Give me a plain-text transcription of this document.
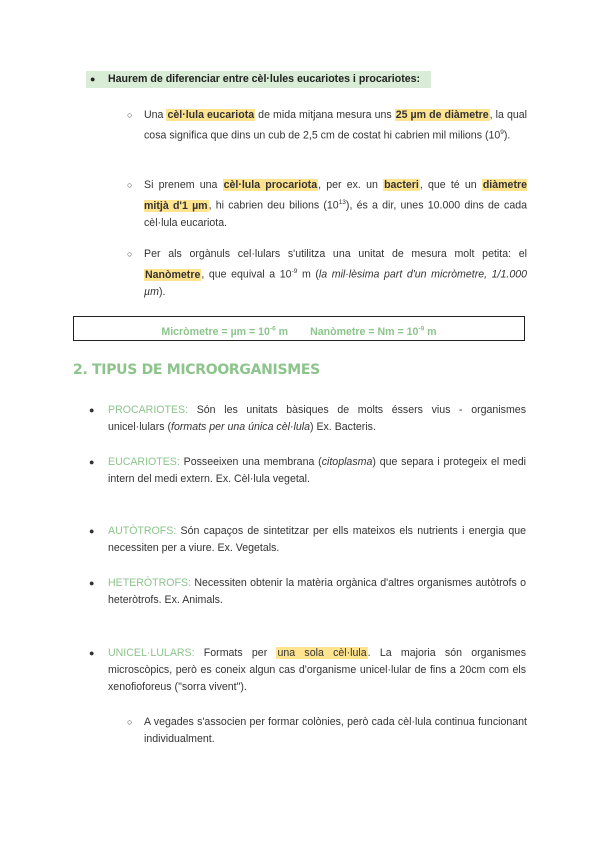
● Haurem de diferenciar entre cèl·lules eucariotes i procariotes:
○ Una cèl·lula eucariota de mida mitjana mesura uns 25 µm de diàmetre, la qual cosa significa que dins un cub de 2,5 cm de costat hi cabrien mil milions $(10^9)$.
○ Si prenem una cèl·lula procariota, per ex. un bacteri, que té un diàmetre mitjà d'1 µm, hi cabrien deu bilions $(10^{13})$, és a dir, unes 10.000 dins de cada cèl·lula eucariota.
○ Per als orgànuls cel·lulars s'utilitza una unitat de mesura molt petita: el Nanòmetre, que equival a $10^{-9}$ m (la mil·lèsima part d'un micròmetre, 1/1.000 µm).
Micròmetre = $\mu m = 10^{-6}$ m Nanòmetre = $Nm = 10^{-9}$ m
2. TIPUS DE MICROORGANISMES
● PROCARIOTES: Són les unitats bàsiques de molts éssers vius - organismes unicel·lulars (formats per una única cèl·lula) Ex. Bacteris.
● EUCARIOTES: Posseeixen una membrana (citoplasma) que separa i protegeix el medi intern del medi extern. Ex. Cèl·lula vegetal.
● AUTÒTROFS: Són capaços de sintetitzar per ells mateixos els nutrients i energia que necessiten per a viure. Ex. Vegetals.
● HETERÒTROFS: Necessiten obtenir la matèria orgànica d'altres organismes autòtrofs o heteròtrofs. Ex. Animals.
● UNICEL·LULARS: Formats per una sola cèl·lula. La majoria són organismes microscòpics, però es coneix algun cas d'organisme unicel·lular de fins a 20cm com els xenofioforeus ("sorra vivent").
○ A vegades s'associen per formar colònies, però cada cèl·lula continua funcionant individualment.
